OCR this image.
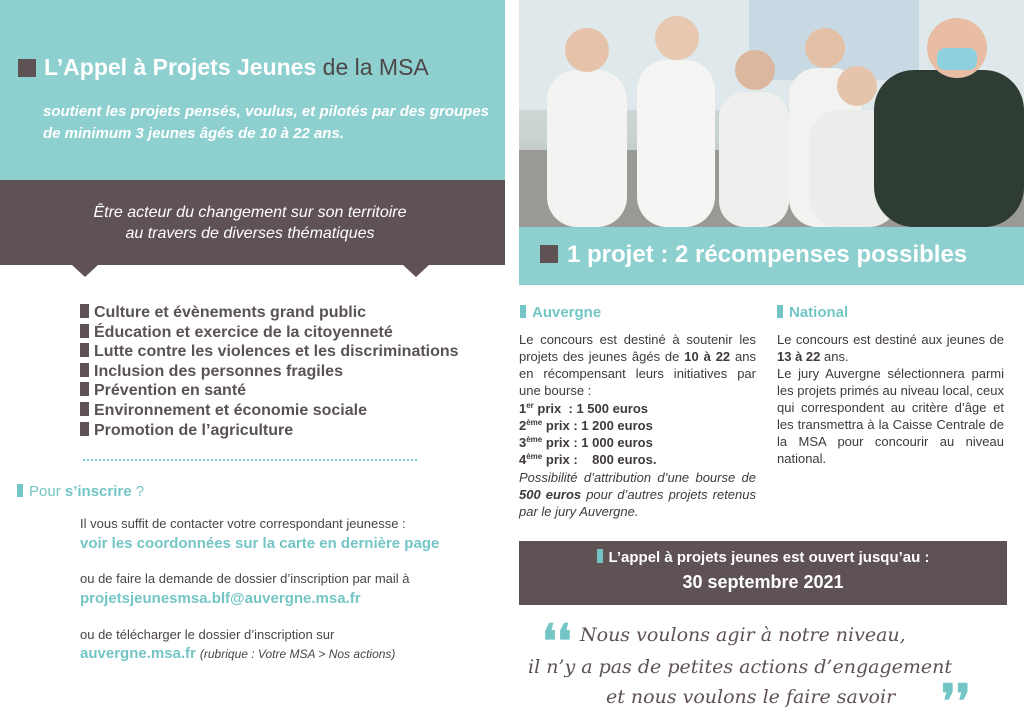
L’Appel à Projets Jeunes de la MSA

soutient les projets pensés, voulus, et pilotés par des groupes de minimum 3 jeunes âgés de 10 à 22 ans.

Être acteur du changement sur son territoire
au travers de diverses thématiques
Culture et évènements grand public
Éducation et exercice de la citoyenneté
Lutte contre les violences et les discriminations
Inclusion des personnes fragiles
Prévention en santé
Environnement et économie sociale
Promotion de l’agriculture
Pour s’inscrire ?
Il vous suffit de contacter votre correspondant jeunesse :
voir les coordonnées sur la carte en dernière page
ou de faire la demande de dossier d’inscription par mail à
projetsjeunesmsa.blf@auvergne.msa.fr
ou de télécharger le dossier d’inscription sur
auvergne.msa.fr (rubrique : Votre MSA > Nos actions)
1 projet : 2 récompenses possibles
Auvergne	National

Le concours est destiné à soutenir les projets des jeunes âgés de 10 à 22 ans en récompensant leurs initiatives par une bourse :

1er prix : 1 500 euros
2ème prix : 1 200 euros
3ème prix : 1 000 euros
4ème prix :    800 euros.

Possibilité d’attribution d’une bourse de 500 euros pour d’autres projets retenus par le jury Auvergne.

Le concours est destiné aux jeunes de 13 à 22 ans.

Le jury Auvergne sélectionnera parmi les projets primés au niveau local, ceux qui correspondent au critère d’âge et les transmettra à la Caisse Centrale de la MSA pour concourir au niveau national.

L’appel à projets jeunes est ouvert jusqu’au :
30 septembre 2021
❛❛ Nous voulons agir à notre niveau,
il n’y a pas de petites actions d’engagement
et nous voulons le faire savoir ❜❜
